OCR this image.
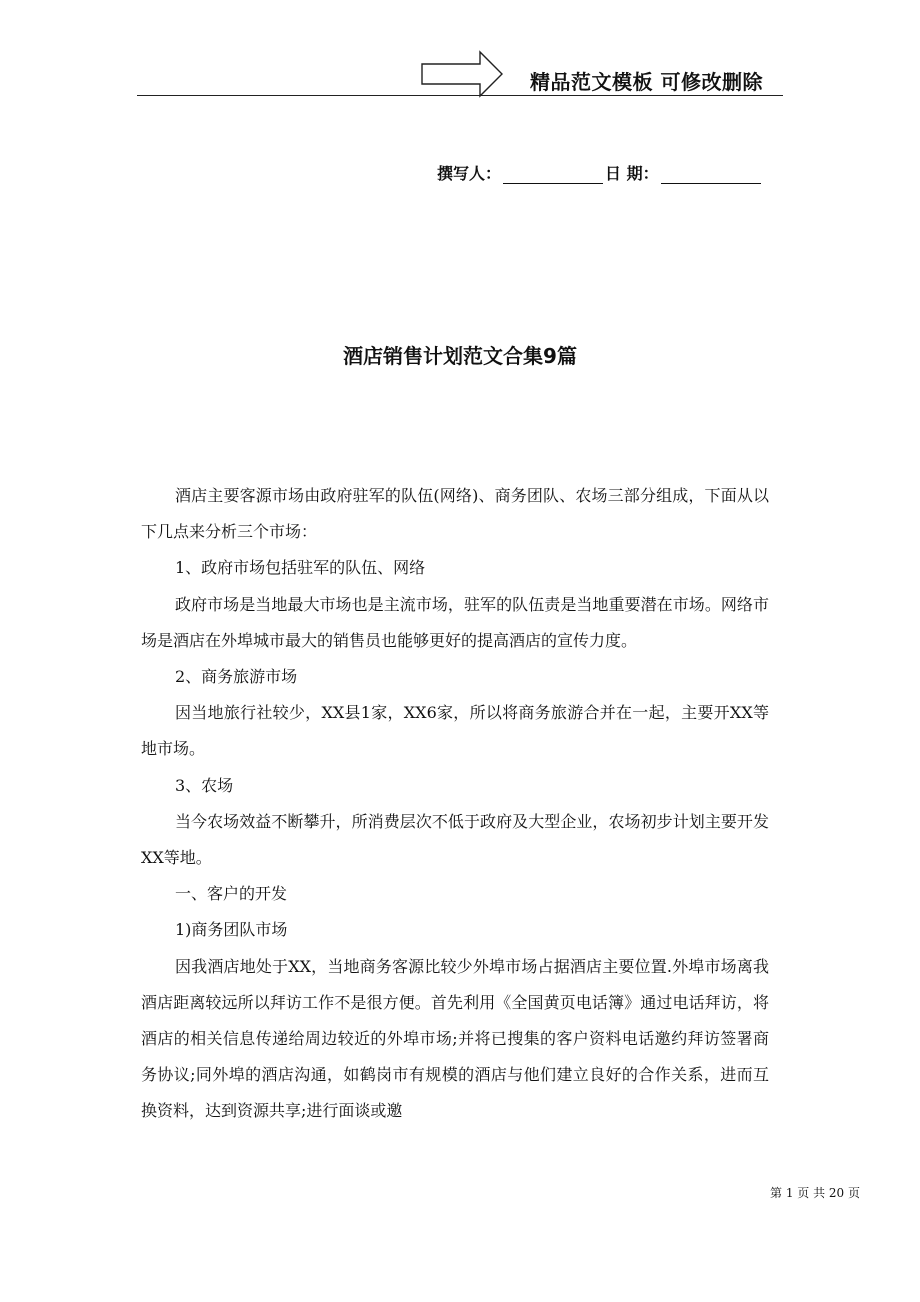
精品范文模板 可修改删除
撰写人：	日 期：
酒店销售计划范文合集9篇

酒店主要客源市场由政府驻军的队伍(网络)、商务团队、农场三部分组成，下面从以下几点来分析三个市场：

1、政府市场包括驻军的队伍、网络

政府市场是当地最大市场也是主流市场，驻军的队伍责是当地重要潜在市场。网络市场是酒店在外埠城市最大的销售员也能够更好的提高酒店的宣传力度。

2、商务旅游市场

因当地旅行社较少，XX县1家，XX6家，所以将商务旅游合并在一起，主要开XX等地市场。

3、农场

当今农场效益不断攀升，所消费层次不低于政府及大型企业，农场初步计划主要开发XX等地。

一、客户的开发

1)商务团队市场

因我酒店地处于XX，当地商务客源比较少外埠市场占据酒店主要位置.外埠市场离我酒店距离较远所以拜访工作不是很方便。首先利用《全国黄页电话簿》通过电话拜访，将酒店的相关信息传递给周边较近的外埠市场;并将已搜集的客户资料电话邀约拜访签署商务协议;同外埠的酒店沟通，如鹤岗市有规模的酒店与他们建立良好的合作关系，进而互换资料，达到资源共享;进行面谈或邀

第 1 页 共 20 页
